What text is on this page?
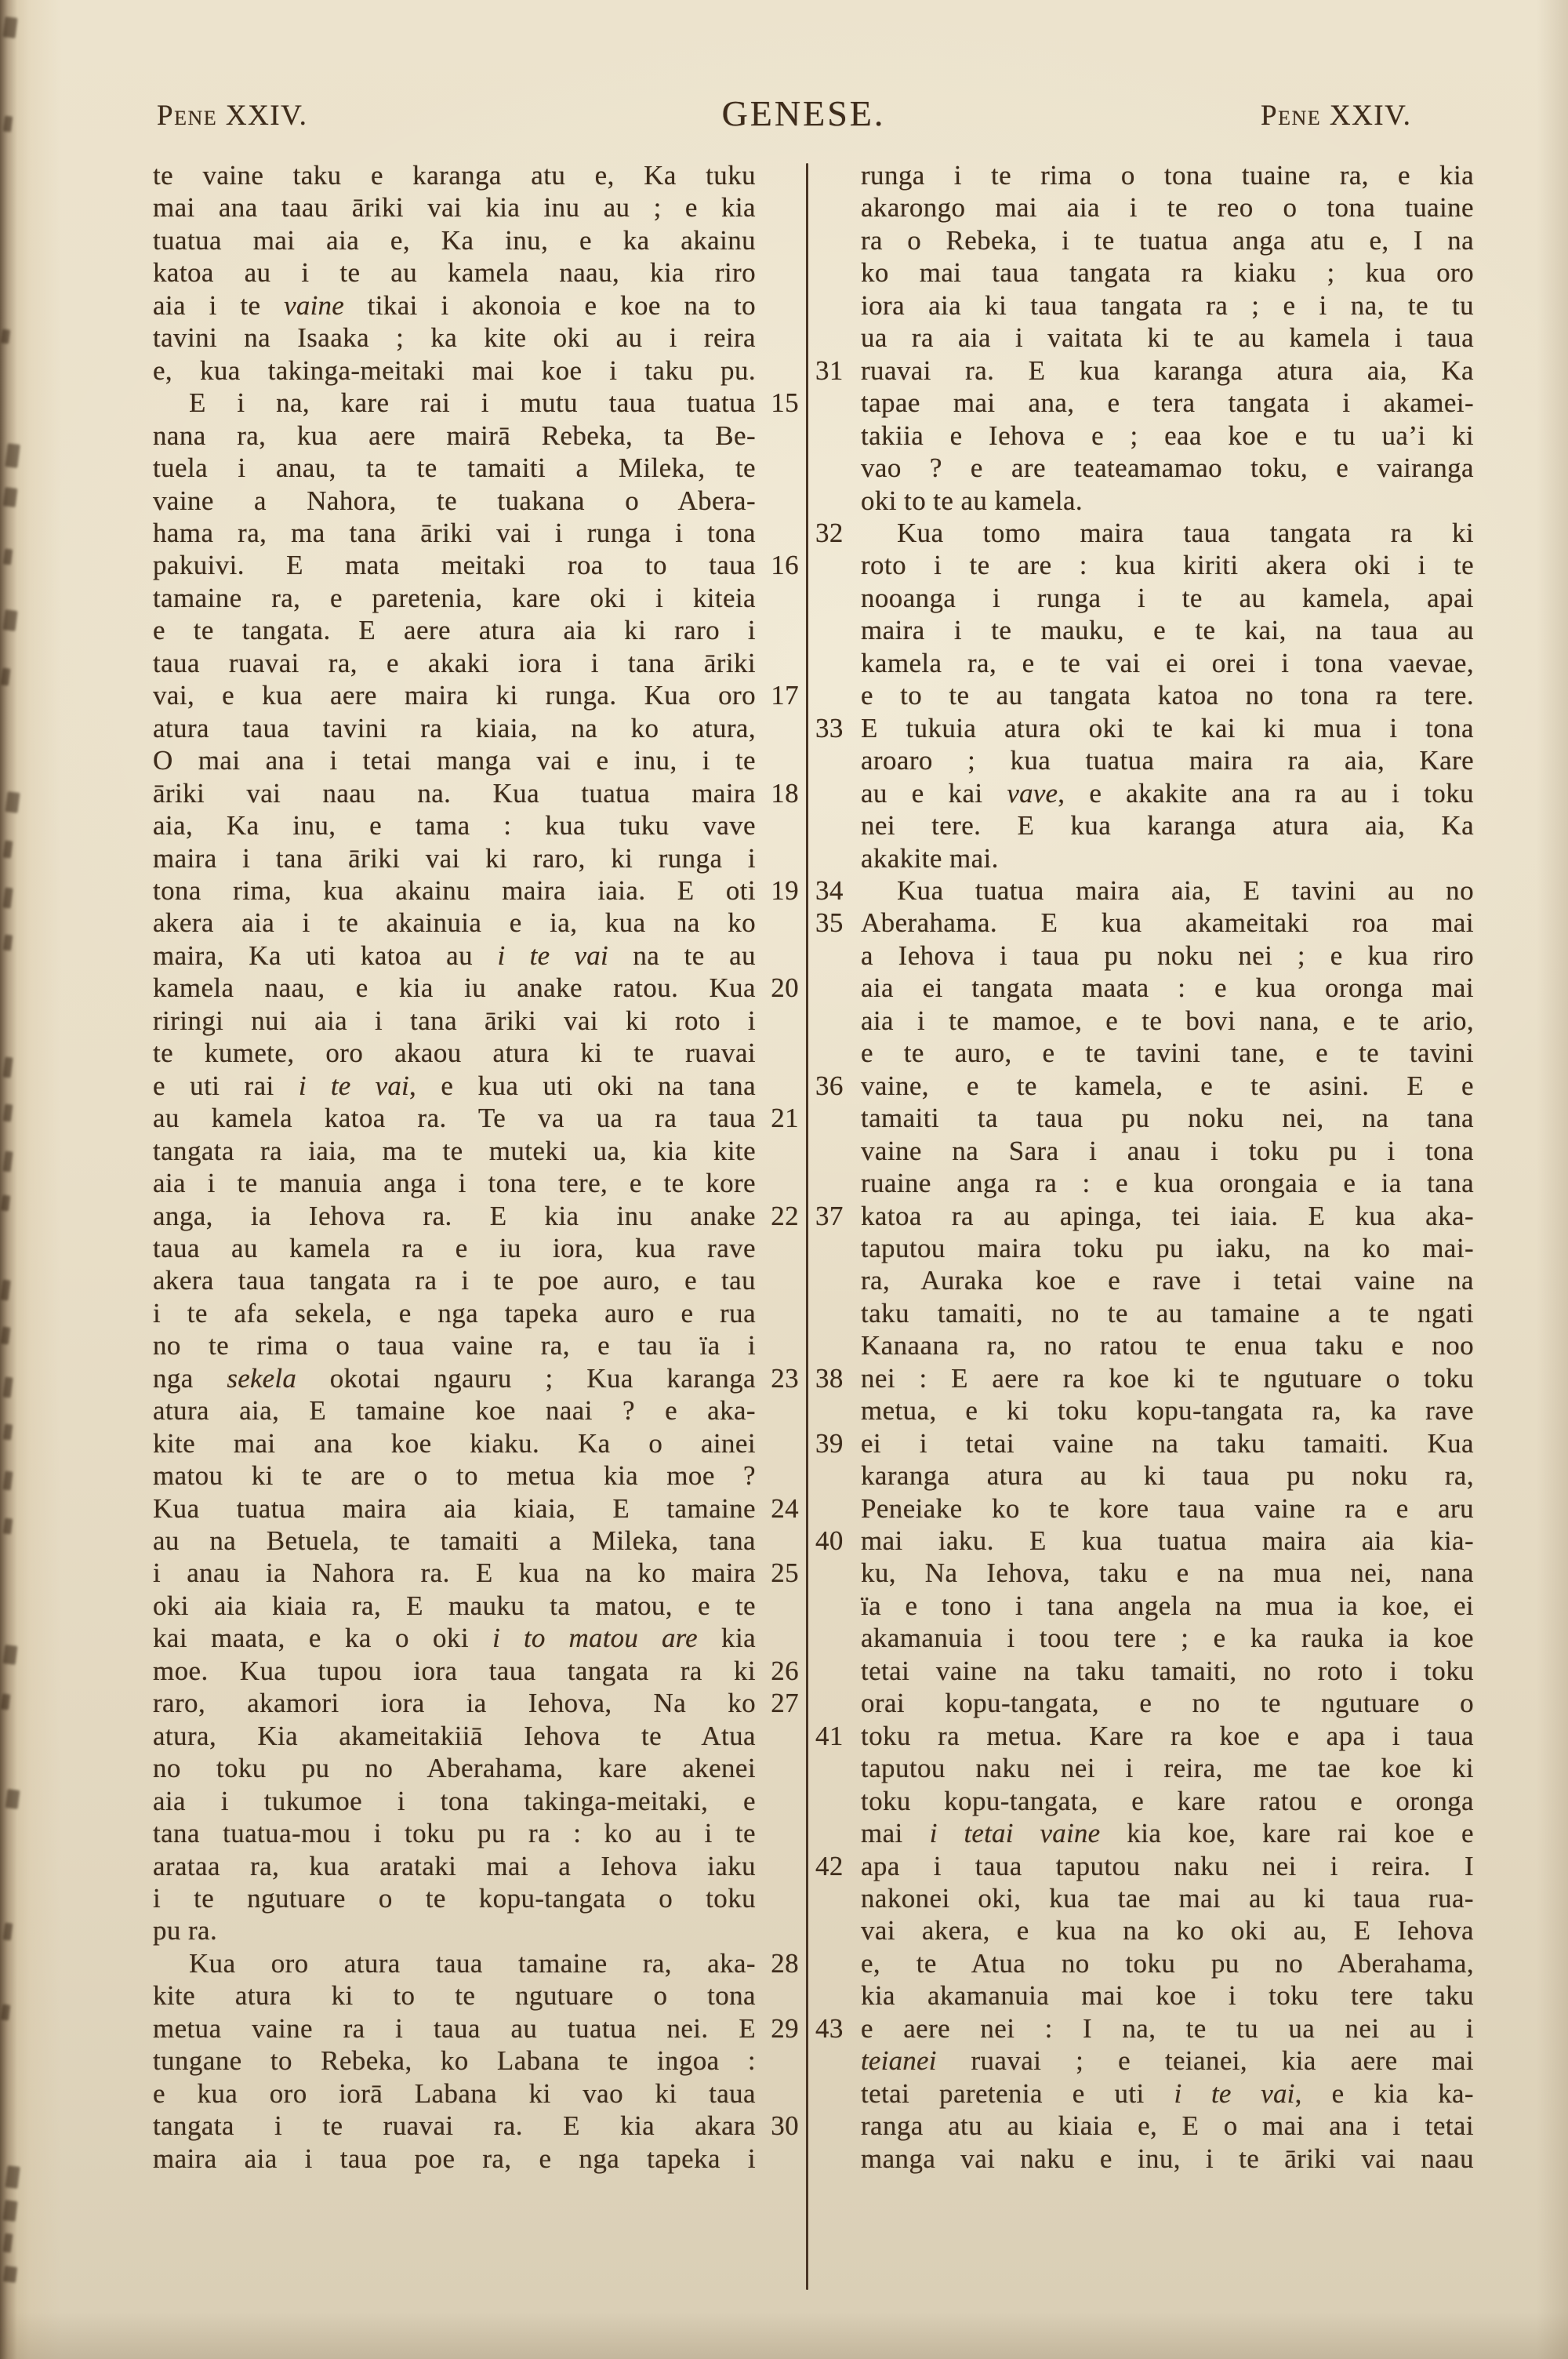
Pene XXIV.	GENESE.	Pene XXIV.
te vaine taku e karanga atu e, Ka tuku
mai ana taau āriki vai kia inu au ; e kia
tuatua mai aia e, Ka inu, e ka akainu
katoa au i te au kamela naau, kia riro
aia i te vaine tikai i akonoia e koe na to
tavini na Isaaka ; ka kite oki au i reira
e, kua takinga-meitaki mai koe i taku pu.
E i na, kare rai i mutu taua tuatua 15
nana ra, kua aere mairā Rebeka, ta Be-
tuela i anau, ta te tamaiti a Mileka, te
vaine a Nahora, te tuakana o Abera-
hama ra, ma tana āriki vai i runga i tona
pakuivi. E mata meitaki roa to taua 16
tamaine ra, e paretenia, kare oki i kiteia
e te tangata. E aere atura aia ki raro i
taua ruavai ra, e akaki iora i tana āriki
vai, e kua aere maira ki runga. Kua oro 17
atura taua tavini ra kiaia, na ko atura,
O mai ana i tetai manga vai e inu, i te
āriki vai naau na. Kua tuatua maira 18
aia, Ka inu, e tama : kua tuku vave
maira i tana āriki vai ki raro, ki runga i
tona rima, kua akainu maira iaia. E oti 19
akera aia i te akainuia e ia, kua na ko
maira, Ka uti katoa au i te vai na te au
kamela naau, e kia iu anake ratou. Kua 20
riringi nui aia i tana āriki vai ki roto i
te kumete, oro akaou atura ki te ruavai
e uti rai i te vai, e kua uti oki na tana
au kamela katoa ra. Te va ua ra taua 21
tangata ra iaia, ma te muteki ua, kia kite
aia i te manuia anga i tona tere, e te kore
anga, ia Iehova ra. E kia inu anake 22
taua au kamela ra e iu iora, kua rave
akera taua tangata ra i te poe auro, e tau
i te afa sekela, e nga tapeka auro e rua
no te rima o taua vaine ra, e tau ïa i
nga sekela okotai ngauru ; Kua karanga 23
atura aia, E tamaine koe naai ? e aka-
kite mai ana koe kiaku. Ka o ainei
matou ki te are o to metua kia moe ?
Kua tuatua maira aia kiaia, E tamaine 24
au na Betuela, te tamaiti a Mileka, tana
i anau ia Nahora ra. E kua na ko maira 25
oki aia kiaia ra, E mauku ta matou, e te
kai maata, e ka o oki i to matou are kia
moe. Kua tupou iora taua tangata ra ki 26
raro, akamori iora ia Iehova, Na ko 27
atura, Kia akameitakiiā Iehova te Atua
no toku pu no Aberahama, kare akenei
aia i tukumoe i tona takinga-meitaki, e
tana tuatua-mou i toku pu ra : ko au i te
arataa ra, kua arataki mai a Iehova iaku
i te ngutuare o te kopu-tangata o toku
pu ra.
Kua oro atura taua tamaine ra, aka- 28
kite atura ki to te ngutuare o tona
metua vaine ra i taua au tuatua nei. E 29
tungane to Rebeka, ko Labana te ingoa :
e kua oro iorā Labana ki vao ki taua
tangata i te ruavai ra. E kia akara 30
maira aia i taua poe ra, e nga tapeka i
runga i te rima o tona tuaine ra, e kia
akarongo mai aia i te reo o tona tuaine
ra o Rebeka, i te tuatua anga atu e, I na
ko mai taua tangata ra kiaku ; kua oro
iora aia ki taua tangata ra ; e i na, te tu
ua ra aia i vaitata ki te au kamela i taua
31 ruavai ra. E kua karanga atura aia, Ka
tapae mai ana, e tera tangata i akamei-
takiia e Iehova e ; eaa koe e tu ua’i ki
vao ? e are teateamamao toku, e vairanga
oki to te au kamela.
32	Kua tomo maira taua tangata ra ki
roto i te are : kua kiriti akera oki i te
nooanga i runga i te au kamela, apai
maira i te mauku, e te kai, na taua au
kamela ra, e te vai ei orei i tona vaevae,
e to te au tangata katoa no tona ra tere.
33 E tukuia atura oki te kai ki mua i tona
aroaro ; kua tuatua maira ra aia, Kare
au e kai vave, e akakite ana ra au i toku
nei tere. E kua karanga atura aia, Ka
akakite mai.
34	Kua tuatua maira aia, E tavini au no
35 Aberahama. E kua akameitaki roa mai
a Iehova i taua pu noku nei ; e kua riro
aia ei tangata maata : e kua oronga mai
aia i te mamoe, e te bovi nana, e te ario,
e te auro, e te tavini tane, e te tavini
36 vaine, e te kamela, e te asini. E e
tamaiti ta taua pu noku nei, na tana
vaine na Sara i anau i toku pu i tona
ruaine anga ra : e kua orongaia e ia tana
37 katoa ra au apinga, tei iaia. E kua aka-
taputou maira toku pu iaku, na ko mai-
ra, Auraka koe e rave i tetai vaine na
taku tamaiti, no te au tamaine a te ngati
Kanaana ra, no ratou te enua taku e noo
38 nei : E aere ra koe ki te ngutuare o toku
metua, e ki toku kopu-tangata ra, ka rave
39 ei i tetai vaine na taku tamaiti. Kua
karanga atura au ki taua pu noku ra,
Peneiake ko te kore taua vaine ra e aru
40 mai iaku. E kua tuatua maira aia kia-
ku, Na Iehova, taku e na mua nei, nana
ïa e tono i tana angela na mua ia koe, ei
akamanuia i toou tere ; e ka rauka ia koe
tetai vaine na taku tamaiti, no roto i toku
orai kopu-tangata, e no te ngutuare o
41 toku ra metua. Kare ra koe e apa i taua
taputou naku nei i reira, me tae koe ki
toku kopu-tangata, e kare ratou e oronga
mai i tetai vaine kia koe, kare rai koe e
42 apa i taua taputou naku nei i reira. I
nakonei oki, kua tae mai au ki taua rua-
vai akera, e kua na ko oki au, E Iehova
e, te Atua no toku pu no Aberahama,
kia akamanuia mai koe i toku tere taku
43 e aere nei : I na, te tu ua nei au i
teianei ruavai ; e teianei, kia aere mai
tetai paretenia e uti i te vai, e kia ka-
ranga atu au kiaia e, E o mai ana i tetai
manga vai naku e inu, i te āriki vai naau
